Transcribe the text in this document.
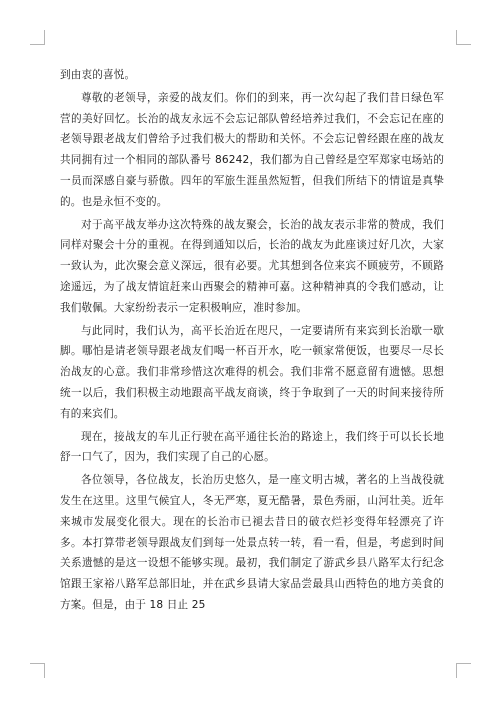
到由衷的喜悦。

尊敬的老领导，亲爱的战友们。你们的到来，再一次勾起了我们昔日绿色军营的美好回忆。长治的战友永远不会忘记部队曾经培养过我们，不会忘记在座的老领导跟老战友们曾给予过我们极大的帮助和关怀。不会忘记曾经跟在座的战友共同拥有过一个相同的部队番号 86242，我们都为自己曾经是空军郑家屯场站的一员而深感自豪与骄傲。四年的军旅生涯虽然短暂，但我们所结下的情谊是真挚的。也是永恒不变的。

对于高平战友举办这次特殊的战友聚会，长治的战友表示非常的赞成，我们同样对聚会十分的重视。在得到通知以后，长治的战友为此座谈过好几次，大家一致认为，此次聚会意义深远，很有必要。尤其想到各位来宾不顾疲劳，不顾路途遥远，为了战友情谊赶来山西聚会的精神可嘉。这种精神真的令我们感动，让我们敬佩。大家纷纷表示一定积极响应，准时参加。

与此同时，我们认为，高平长治近在咫尺，一定要请所有来宾到长治歇一歇脚。哪怕是请老领导跟老战友们喝一杯百开水，吃一顿家常便饭，也要尽一尽长治战友的心意。我们非常珍惜这次难得的机会。我们非常不愿意留有遗憾。思想统一以后，我们积极主动地跟高平战友商谈，终于争取到了一天的时间来接待所有的来宾们。

现在，接战友的车儿正行驶在高平通往长治的路途上，我们终于可以长长地舒一口气了，因为，我们实现了自己的心愿。

各位领导，各位战友，长治历史悠久，是一座文明古城，著名的上当战役就发生在这里。这里气候宜人，冬无严寒，夏无酷暑，景色秀丽，山河壮美。近年来城市发展变化很大。现在的长治市已褪去昔日的破衣烂衫变得年轻漂亮了许多。本打算带老领导跟战友们到每一处景点转一转，看一看，但是，考虑到时间关系遗憾的是这一设想不能够实现。最初，我们制定了游武乡县八路军太行纪念馆跟王家裕八路军总部旧址，并在武乡县请大家品尝最具山西特色的地方美食的方案。但是，由于 18 日止 25
